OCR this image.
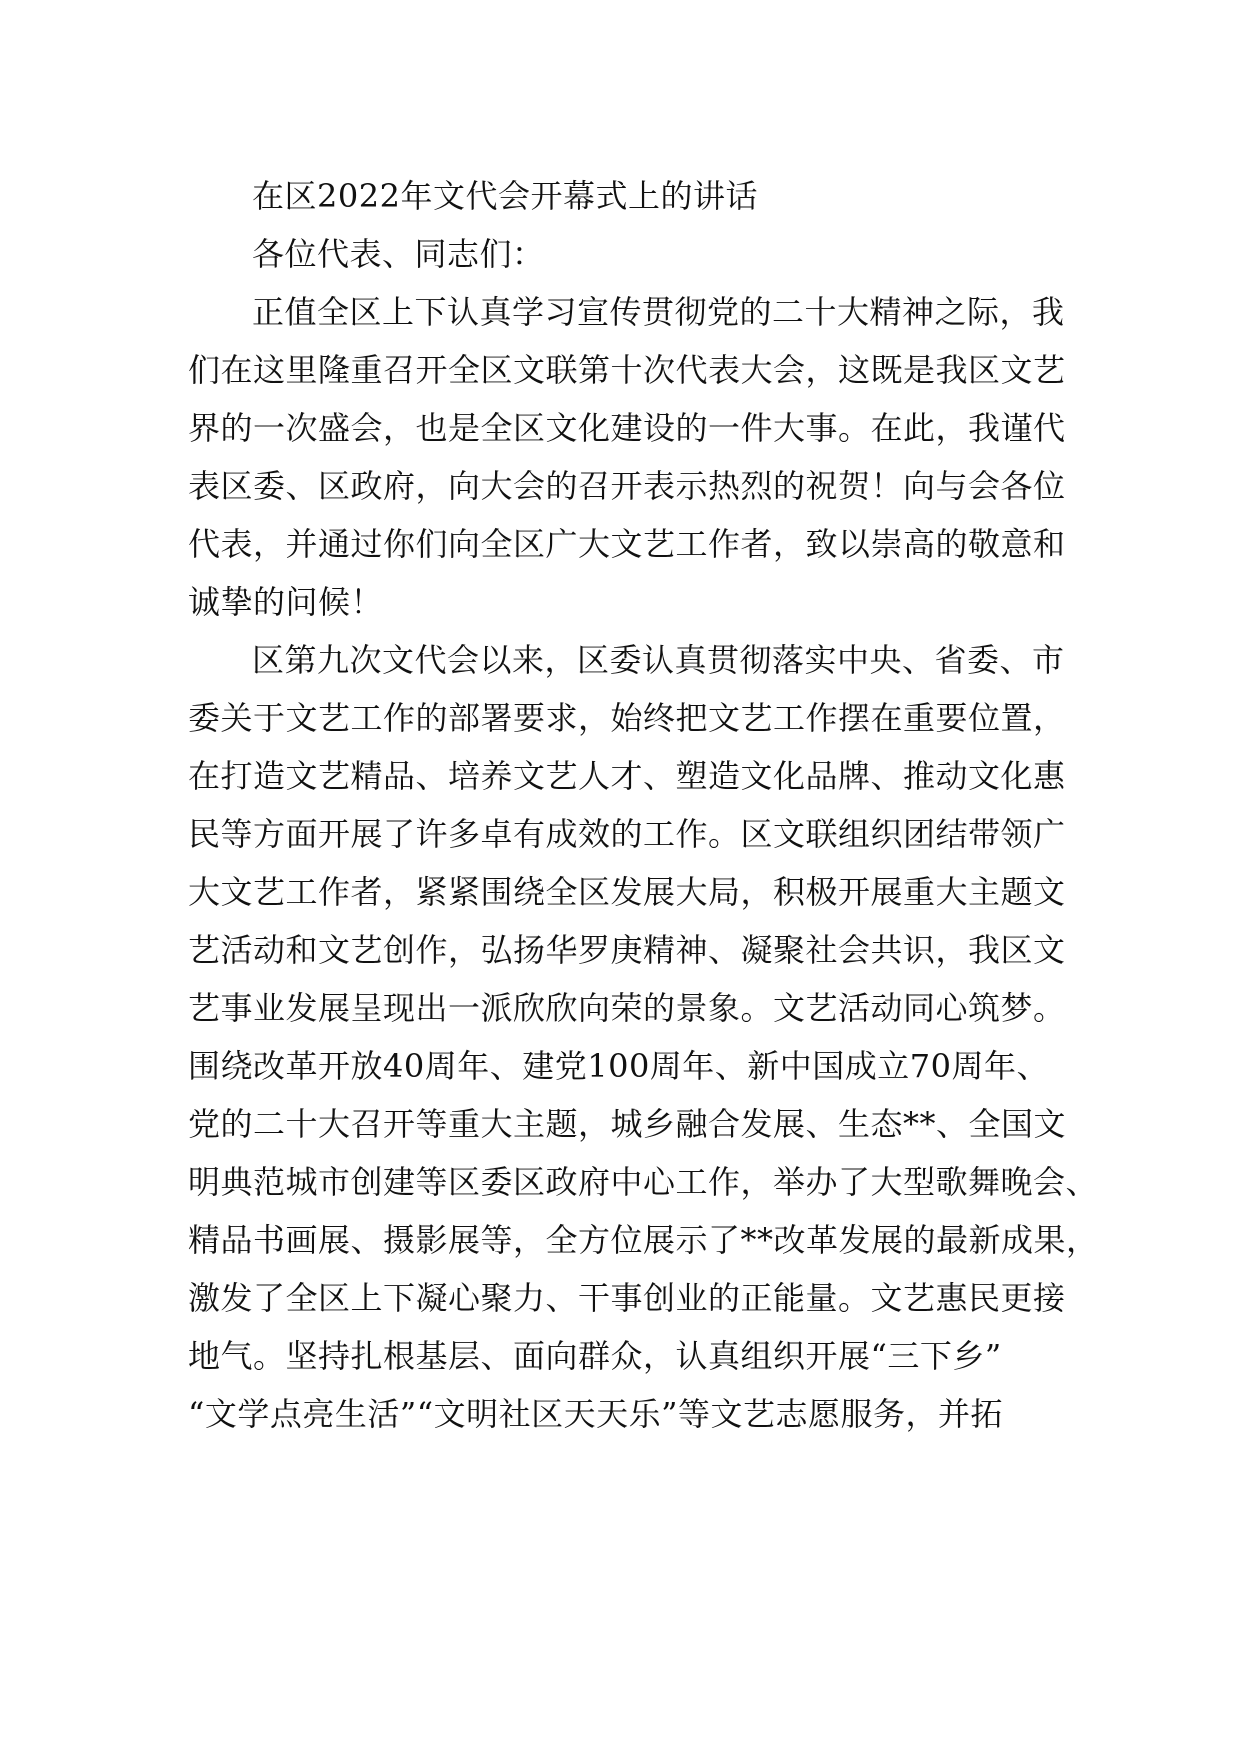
在区2022年文代会开幕式上的讲话

各位代表、同志们：

正值全区上下认真学习宣传贯彻党的二十大精神之际，我

们在这里隆重召开全区文联第十次代表大会，这既是我区文艺

界的一次盛会，也是全区文化建设的一件大事。在此，我谨代

表区委、区政府，向大会的召开表示热烈的祝贺！向与会各位

代表，并通过你们向全区广大文艺工作者，致以崇高的敬意和

诚挚的问候！

区第九次文代会以来，区委认真贯彻落实中央、省委、市

委关于文艺工作的部署要求，始终把文艺工作摆在重要位置，

在打造文艺精品、培养文艺人才、塑造文化品牌、推动文化惠

民等方面开展了许多卓有成效的工作。区文联组织团结带领广

大文艺工作者，紧紧围绕全区发展大局，积极开展重大主题文

艺活动和文艺创作，弘扬华罗庚精神、凝聚社会共识，我区文

艺事业发展呈现出一派欣欣向荣的景象。文艺活动同心筑梦。

围绕改革开放40周年、建党100周年、新中国成立70周年、

党的二十大召开等重大主题，城乡融合发展、生态**、全国文

明典范城市创建等区委区政府中心工作，举办了大型歌舞晚会、

精品书画展、摄影展等，全方位展示了**改革发展的最新成果，

激发了全区上下凝心聚力、干事创业的正能量。文艺惠民更接

地气。坚持扎根基层、面向群众，认真组织开展“三下乡”

“文学点亮生活”“文明社区天天乐”等文艺志愿服务，并拓
